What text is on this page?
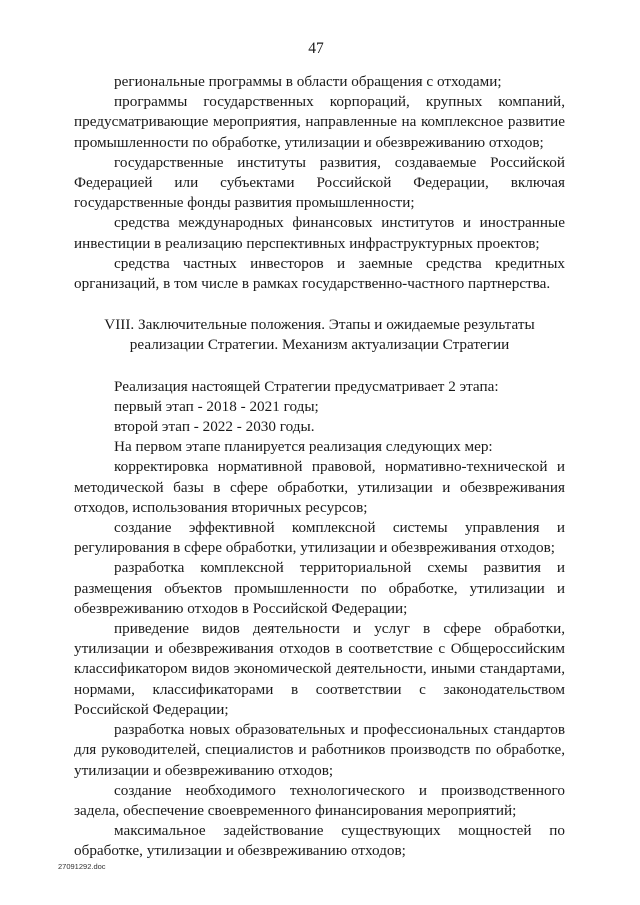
47

региональные программы в области обращения с отходами;

программы государственных корпораций, крупных компаний, предусматривающие мероприятия, направленные на комплексное развитие промышленности по обработке, утилизации и обезвреживанию отходов;

государственные институты развития, создаваемые Российской Федерацией или субъектами Российской Федерации, включая государственные фонды развития промышленности;

средства международных финансовых институтов и иностранные инвестиции в реализацию перспективных инфраструктурных проектов;

средства частных инвесторов и заемные средства кредитных организаций, в том числе в рамках государственно-частного партнерства.

VIII. Заключительные положения. Этапы и ожидаемые результаты
реализации Стратегии. Механизм актуализации Стратегии

Реализация настоящей Стратегии предусматривает 2 этапа:

первый этап - 2018 - 2021 годы;

второй этап - 2022 - 2030 годы.

На первом этапе планируется реализация следующих мер:

корректировка нормативной правовой, нормативно-технической и методической базы в сфере обработки, утилизации и обезвреживания отходов, использования вторичных ресурсов;

создание эффективной комплексной системы управления и регулирования в сфере обработки, утилизации и обезвреживания отходов;

разработка комплексной территориальной схемы развития и размещения объектов промышленности по обработке, утилизации и обезвреживанию отходов в Российской Федерации;

приведение видов деятельности и услуг в сфере обработки, утилизации и обезвреживания отходов в соответствие с Общероссийским классификатором видов экономической деятельности, иными стандартами, нормами, классификаторами в соответствии с законодательством Российской Федерации;

разработка новых образовательных и профессиональных стандартов для руководителей, специалистов и работников производств по обработке, утилизации и обезвреживанию отходов;

создание необходимого технологического и производственного задела, обеспечение своевременного финансирования мероприятий;

максимальное задействование существующих мощностей по обработке, утилизации и обезвреживанию отходов;

27091292.doc
